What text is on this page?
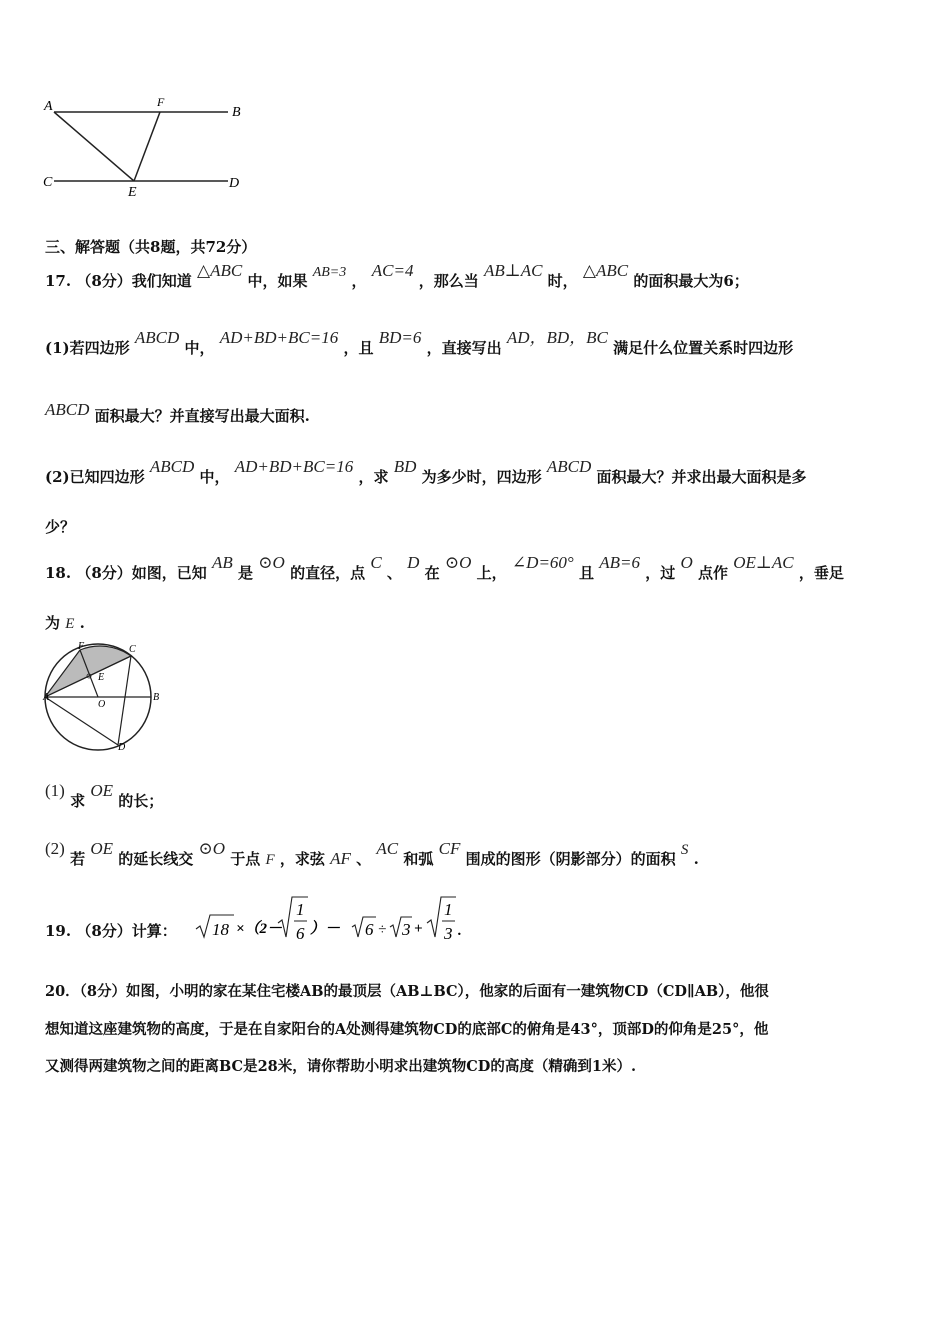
A	F
B
C
E
D
三、解答题（共8题，共72分）
17. （8分）我们知道 △ABC 中，如果 AB=3 ， AC=4 ，那么当 AB⊥AC 时， △ABC 的面积最大为6；
(1)若四边形 ABCD 中， AD+BD+BC=16 ，且 BD=6 ，直接写出 AD，BD，BC 满足什么位置关系时四边形
ABCD 面积最大？并直接写出最大面积.
(2)已知四边形 ABCD 中， AD+BD+BC=16 ，求 BD 为多少时，四边形 ABCD 面积最大？并求出最大面积是多
少？
18. （8分）如图，已知 AB 是 ⊙O 的直径，点 C 、 D 在 ⊙O 上， ∠D=60° 且 AB=6 ，过 O 点作 OE⊥AC ，垂足
为 E .
F	C
E
A
O
B
D
(1) 求 OE 的长；
(2) 若 OE 的延长线交 ⊙O 于点 F ，求弦 AF 、 AC 和弧 CF 围成的图形（阴影部分）的面积 S .
19. （8分）计算： 18 ×（2－
1
6 ）－ 6 ÷ 3 +
1
3 .
20．（8分）如图，小明的家在某住宅楼AB的最顶层（AB⊥BC），他家的后面有一建筑物CD（CD∥AB），他很
想知道这座建筑物的高度，于是在自家阳台的A处测得建筑物CD的底部C的俯角是43°，顶部D的仰角是25°，他
又测得两建筑物之间的距离BC是28米，请你帮助小明求出建筑物CD的高度（精确到1米）.
